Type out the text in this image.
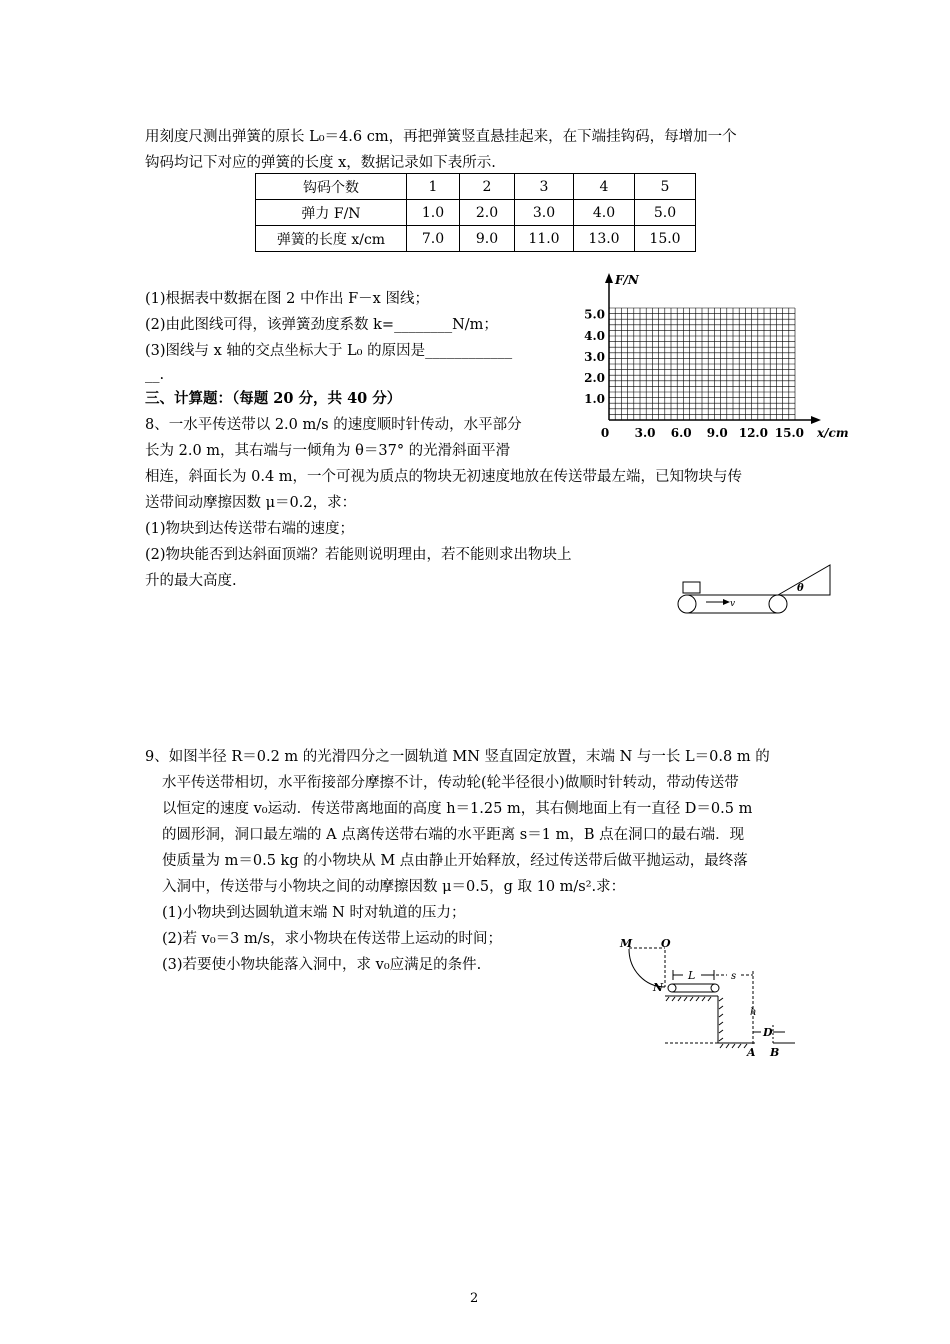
用刻度尺测出弹簧的原长 L₀＝4.6 cm，再把弹簧竖直悬挂起来，在下端挂钩码，每增加一个
钩码均记下对应的弹簧的长度 x，数据记录如下表所示.
钩码个数	1	2	3	4	5
弹力 F/N	1.0	2.0	3.0	4.0	5.0
弹簧的长度 x/cm	7.0	9.0	11.0	13.0	15.0
(1)根据表中数据在图 2 中作出 F－x 图线；
(2)由此图线可得，该弹簧劲度系数 k=________N/m；
(3)图线与 x 轴的交点坐标大于 L₀ 的原因是____________
__.
F/N
x/cm
1.0
2.0
3.0
4.0
5.0
0 3.0 6.0 9.0 12.0 15.0
三、计算题：（每题 20 分，共 40 分）
8、一水平传送带以 2.0 m/s 的速度顺时针传动，水平部分
长为 2.0 m，其右端与一倾角为 θ＝37° 的光滑斜面平滑
相连，斜面长为 0.4 m，一个可视为质点的物块无初速度地放在传送带最左端，已知物块与传
送带间动摩擦因数 μ＝0.2，求：
(1)物块到达传送带右端的速度；
(2)物块能否到达斜面顶端？若能则说明理由，若不能则求出物块上
升的最大高度.
v
θ
9、如图半径 R＝0.2 m 的光滑四分之一圆轨道 MN 竖直固定放置，末端 N 与一长 L＝0.8 m 的
水平传送带相切，水平衔接部分摩擦不计，传动轮(轮半径很小)做顺时针转动，带动传送带
以恒定的速度 v₀运动．传送带离地面的高度 h＝1.25 m，其右侧地面上有一直径 D＝0.5 m
的圆形洞，洞口最左端的 A 点离传送带右端的水平距离 s＝1 m，B 点在洞口的最右端．现
使质量为 m＝0.5 kg 的小物块从 M 点由静止开始释放，经过传送带后做平抛运动，最终落
入洞中，传送带与小物块之间的动摩擦因数 μ＝0.5，g 取 10 m/s².求：
(1)小物块到达圆轨道末端 N 时对轨道的压力；
(2)若 v₀＝3 m/s，求小物块在传送带上运动的时间；
(3)若要使小物块能落入洞中，求 v₀应满足的条件.
M	O
N
L	s
h
D
A B
2
